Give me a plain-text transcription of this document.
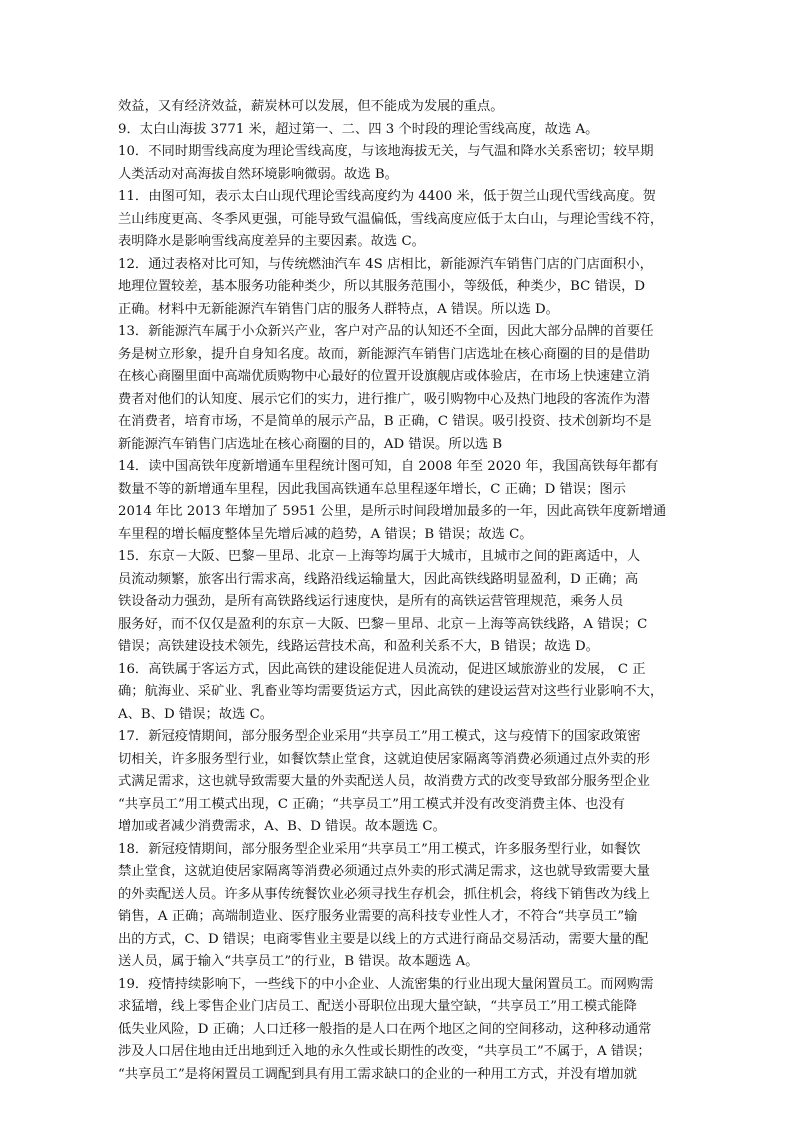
效益，又有经济效益，薪炭林可以发展，但不能成为发展的重点。
9．太白山海拔 3771 米，超过第一、二、四 3 个时段的理论雪线高度，故选 A。
10．不同时期雪线高度为理论雪线高度，与该地海拔无关，与气温和降水关系密切；较早期
人类活动对高海拔自然环境影响微弱。故选 B。
11．由图可知，表示太白山现代理论雪线高度约为 4400 米，低于贺兰山现代雪线高度。贺
兰山纬度更高、冬季风更强，可能导致气温偏低，雪线高度应低于太白山，与理论雪线不符，
表明降水是影响雪线高度差异的主要因素。故选 C。
12．通过表格对比可知，与传统燃油汽车 4S 店相比，新能源汽车销售门店的门店面积小，
地理位置较差，基本服务功能种类少，所以其服务范围小，等级低，种类少，BC 错误，D
正确。材料中无新能源汽车销售门店的服务人群特点，A 错误。所以选 D。
13．新能源汽车属于小众新兴产业，客户对产品的认知还不全面，因此大部分品牌的首要任
务是树立形象，提升自身知名度。故而，新能源汽车销售门店选址在核心商圈的目的是借助
在核心商圈里面中高端优质购物中心最好的位置开设旗舰店或体验店，在市场上快速建立消
费者对他们的认知度、展示它们的实力，进行推广，吸引购物中心及热门地段的客流作为潜
在消费者，培育市场，不是简单的展示产品，B 正确，C 错误。吸引投资、技术创新均不是
新能源汽车销售门店选址在核心商圈的目的，AD 错误。所以选 B
14．读中国高铁年度新增通车里程统计图可知，自 2008 年至 2020 年，我国高铁每年都有
数量不等的新增通车里程，因此我国高铁通车总里程逐年增长，C 正确；D 错误；图示
2014 年比 2013 年增加了 5951 公里，是所示时间段增加最多的一年，因此高铁年度新增通
车里程的增长幅度整体呈先增后减的趋势，A 错误；B 错误；故选 C。
15．东京－大阪、巴黎－里昂、北京－上海等均属于大城市，且城市之间的距离适中，人
员流动频繁，旅客出行需求高，线路沿线运输量大，因此高铁线路明显盈利，D 正确；高
铁设备动力强劲，是所有高铁路线运行速度快，是所有的高铁运营管理规范，乘务人员
服务好，而不仅仅是盈利的东京－大阪、巴黎－里昂、北京－上海等高铁线路，A 错误；C
错误；高铁建设技术领先，线路运营技术高，和盈利关系不大，B 错误；故选 D。
16．高铁属于客运方式，因此高铁的建设能促进人员流动，促进区域旅游业的发展， C 正
确；航海业、采矿业、乳畜业等均需要货运方式，因此高铁的建设运营对这些行业影响不大，
A、B、D 错误；故选 C。
17．新冠疫情期间，部分服务型企业采用“共享员工”用工模式，这与疫情下的国家政策密
切相关，许多服务型行业，如餐饮禁止堂食，这就迫使居家隔离等消费必须通过点外卖的形
式满足需求，这也就导致需要大量的外卖配送人员，故消费方式的改变导致部分服务型企业
“共享员工”用工模式出现，C 正确；“共享员工”用工模式并没有改变消费主体、也没有
增加或者减少消费需求，A、B、D 错误。故本题选 C。
18．新冠疫情期间，部分服务型企业采用“共享员工”用工模式，许多服务型行业，如餐饮
禁止堂食，这就迫使居家隔离等消费必须通过点外卖的形式满足需求，这也就导致需要大量
的外卖配送人员。许多从事传统餐饮业必须寻找生存机会，抓住机会，将线下销售改为线上
销售，A 正确；高端制造业、医疗服务业需要的高科技专业性人才，不符合“共享员工”输
出的方式，C、D 错误；电商零售业主要是以线上的方式进行商品交易活动，需要大量的配
送人员，属于输入“共享员工”的行业，B 错误。故本题选 A。
19．疫情持续影响下，一些线下的中小企业、人流密集的行业出现大量闲置员工。而网购需
求猛增，线上零售企业门店员工、配送小哥职位出现大量空缺，“共享员工”用工模式能降
低失业风险，D 正确；人口迁移一般指的是人口在两个地区之间的空间移动，这种移动通常
涉及人口居住地由迁出地到迁入地的永久性或长期性的改变，“共享员工”不属于，A 错误；
“共享员工”是将闲置员工调配到具有用工需求缺口的企业的一种用工方式，并没有增加就
